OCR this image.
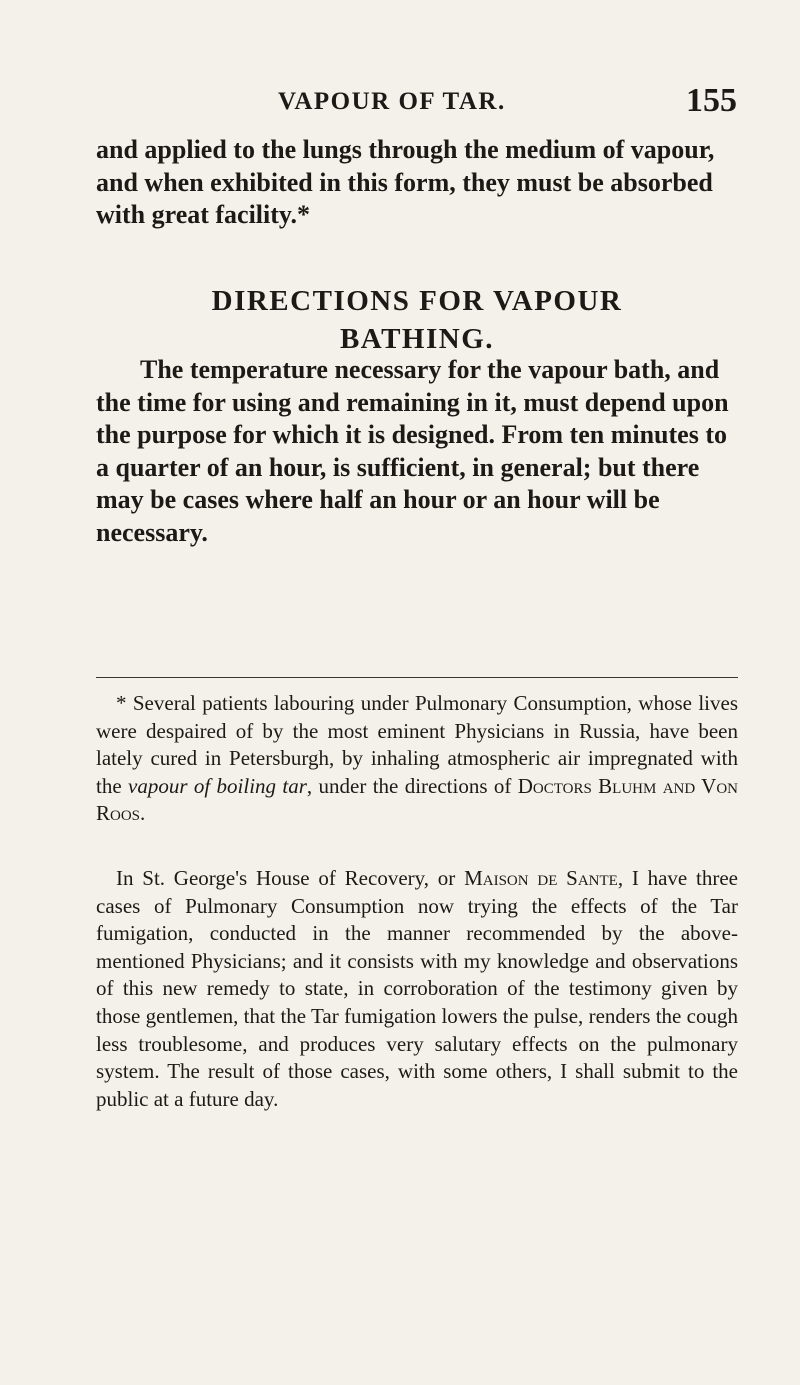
VAPOUR OF TAR.	155

and applied to the lungs through the medium of vapour, and when exhibited in this form, they must be absorbed with great facility.*

DIRECTIONS FOR VAPOUR
BATHING.

The temperature necessary for the vapour bath, and the time for using and remaining in it, must depend upon the purpose for which it is designed. From ten minutes to a quarter of an hour, is sufficient, in general; but there may be cases where half an hour or an hour will be necessary.

* Several patients labouring under Pulmonary Consumption, whose lives were despaired of by the most eminent Physicians in Russia, have been lately cured in Petersburgh, by inhaling atmospheric air impregnated with the vapour of boiling tar, under the directions of Doctors Bluhm and Von Roos.

In St. George's House of Recovery, or Maison de Sante, I have three cases of Pulmonary Consumption now trying the effects of the Tar fumigation, conducted in the manner recommended by the above-mentioned Physicians; and it consists with my knowledge and observations of this new remedy to state, in corroboration of the testimony given by those gentlemen, that the Tar fumigation lowers the pulse, renders the cough less troublesome, and produces very salutary effects on the pulmonary system. The result of those cases, with some others, I shall submit to the public at a future day.
